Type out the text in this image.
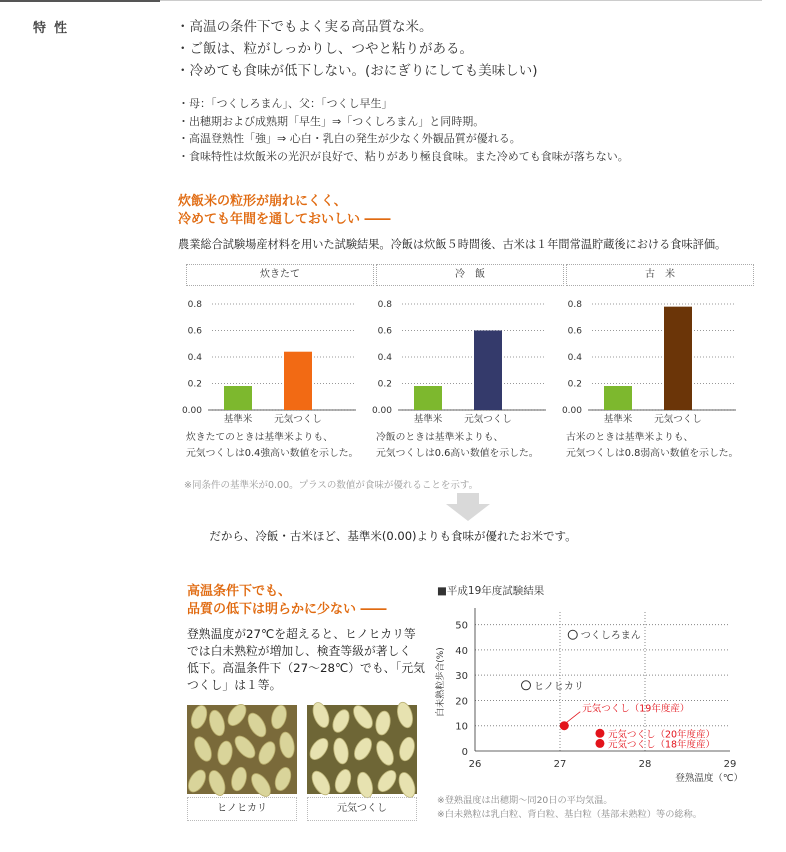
特性	・高温の条件下でもよく実る高品質な米。
・ご飯は、粒がしっかりし、つやと粘りがある。
・冷めても食味が低下しない。(おにぎりにしても美味しい)
・母：「つくしろまん」、父：「つくし早生」
・出穂期および成熟期「早生」⇒「つくしろまん」と同時期。
・高温登熟性「強」⇒ 心白・乳白の発生が少なく外観品質が優れる。
・食味特性は炊飯米の光沢が良好で、粘りがあり極良食味。また冷めても食味が落ちない。
炊飯米の粒形が崩れにくく、
冷めても年間を通しておいしい ――
農業総合試験場産材料を用いた試験結果。冷飯は炊飯５時間後、古米は１年間常温貯蔵後における食味評価。
炊きたて
0.00
0.2
0.4
0.6
0.8
基準米 元気つくし
炊きたてのときは基準米よりも、
元気つくしは0.4強高い数値を示した。
冷　飯
0.00
0.2
0.4
0.6
0.8
基準米 元気つくし
冷飯のときは基準米よりも、
元気つくしは0.6高い数値を示した。
古　米
0.00
0.2
0.4
0.6
0.8
基準米 元気つくし
古米のときは基準米よりも、
元気つくしは0.8弱高い数値を示した。
※同条件の基準米が0.00。プラスの数値が食味が優れることを示す。
だから、冷飯・古米ほど、基準米(0.00)よりも食味が優れたお米です。
高温条件下でも、
品質の低下は明らかに少ない ――
登熟温度が27℃を超えると、ヒノヒカリ等
では白未熟粒が増加し、検査等級が著しく
低下。高温条件下（27〜28℃）でも、「元気
つくし」は１等。
ヒノヒカリ	元気つくし
■平成19年度試験結果
0
10
20
30
40
50
26	27	28	29
白未熟粒歩合(%)
登熟温度（℃）
つくしろまん
ヒノヒカリ
元気つくし（19年度産）
元気つくし（20年度産）
元気つくし（18年度産）
※登熟温度は出穂期〜同20日の平均気温。
※白未熟粒は乳白粒、背白粒、基白粒（基部未熟粒）等の総称。
